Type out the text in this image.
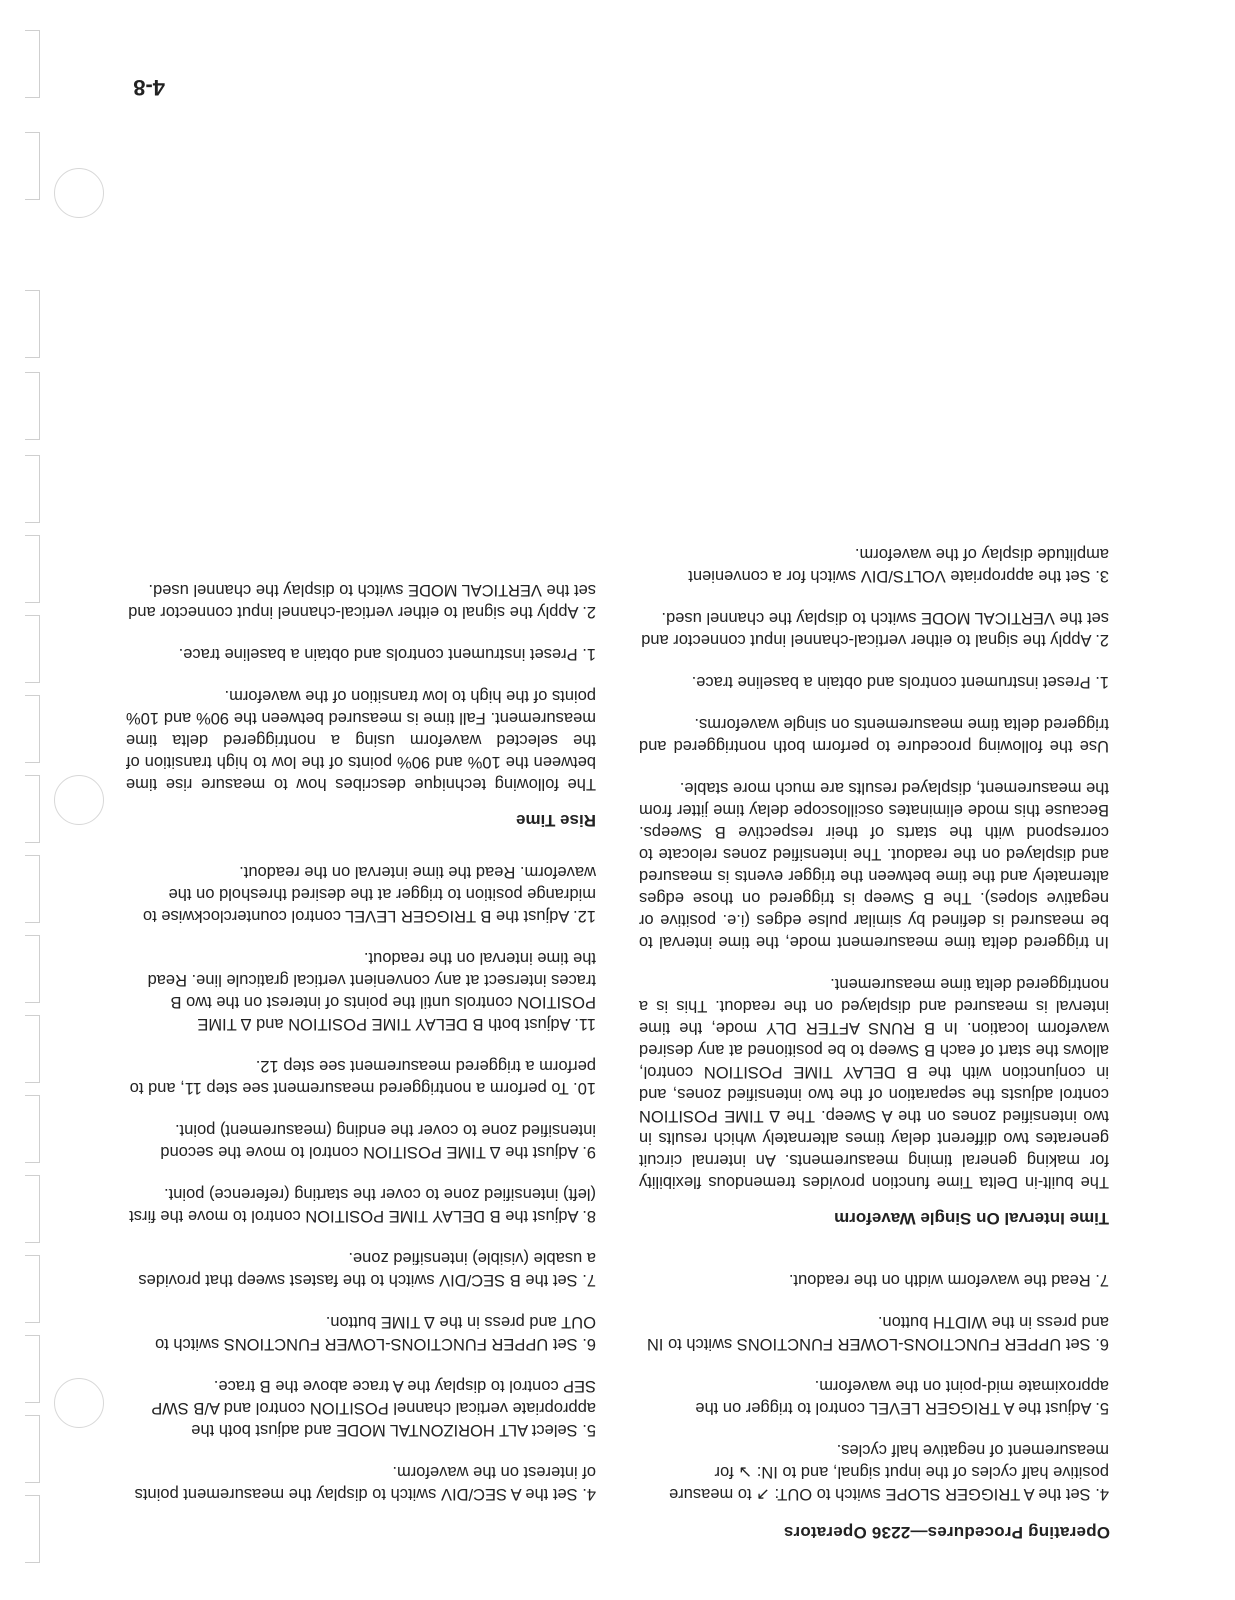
Operating Procedures—2236 Operators
4. Set the A TRIGGER SLOPE switch to OUT: ↗ to measure positive half cycles of the input signal, and to IN: ↘ for measurement of negative half cycles.
5. Adjust the A TRIGGER LEVEL control to trigger on the approximate mid-point on the waveform.
6. Set UPPER FUNCTIONS-LOWER FUNCTIONS switch to IN and press in the WIDTH button.
7. Read the waveform width on the readout.
Time Interval On Single Waveform

The built-in Delta Time function provides tremendous flexibility for making general timing measurements. An internal circuit generates two different delay times alternately which results in two intensified zones on the A Sweep. The Δ TIME POSITION control adjusts the separation of the two intensified zones, and in conjunction with the B DELAY TIME POSITION control, allows the start of each B Sweep to be positioned at any desired waveform location. In B RUNS AFTER DLY mode, the time interval is measured and displayed on the readout. This is a nontriggered delta time measurement.

In triggered delta time measurement mode, the time interval to be measured is defined by similar pulse edges (i.e. positive or negative slopes). The B Sweep is triggered on those edges alternately and the time between the trigger events is measured and displayed on the readout. The intensified zones relocate to correspond with the starts of their respective B Sweeps. Because this mode eliminates oscilloscope delay time jitter from the measurement, displayed results are much more stable.

Use the following procedure to perform both nontriggered and triggered delta time measurements on single waveforms.

1. Preset instrument controls and obtain a baseline trace.
2. Apply the signal to either vertical-channel input connector and set the VERTICAL MODE switch to display the channel used.
3. Set the appropriate VOLTS/DIV switch for a convenient amplitude display of the waveform.
4. Set the A SEC/DIV switch to display the measurement points of interest on the waveform.
5. Select ALT HORIZONTAL MODE and adjust both the appropriate vertical channel POSITION control and A/B SWP SEP control to display the A trace above the B trace.
6. Set UPPER FUNCTIONS-LOWER FUNCTIONS switch to OUT and press in the Δ TIME button.
7. Set the B SEC/DIV switch to the fastest sweep that provides a usable (visible) intensified zone.
8. Adjust the B DELAY TIME POSITION control to move the first (left) intensified zone to cover the starting (reference) point.
9. Adjust the Δ TIME POSITION control to move the second intensified zone to cover the ending (measurement) point.
10. To perform a nontriggered measurement see step 11, and to perform a triggered measurement see step 12.
11. Adjust both B DELAY TIME POSITION and Δ TIME POSITION controls until the points of interest on the two B traces intersect at any convenient vertical graticule line. Read the time interval on the readout.
12. Adjust the B TRIGGER LEVEL control counterclockwise to midrange position to trigger at the desired threshold on the waveform. Read the time interval on the readout.
Rise Time

The following technique describes how to measure rise time between the 10% and 90% points of the low to high transition of the selected waveform using a nontriggered delta time measurement. Fall time is measured between the 90% and 10% points of the high to low transition of the waveform.

1. Preset instrument controls and obtain a baseline trace.
2. Apply the signal to either vertical-channel input connector and set the VERTICAL MODE switch to display the channel used.
4-8
